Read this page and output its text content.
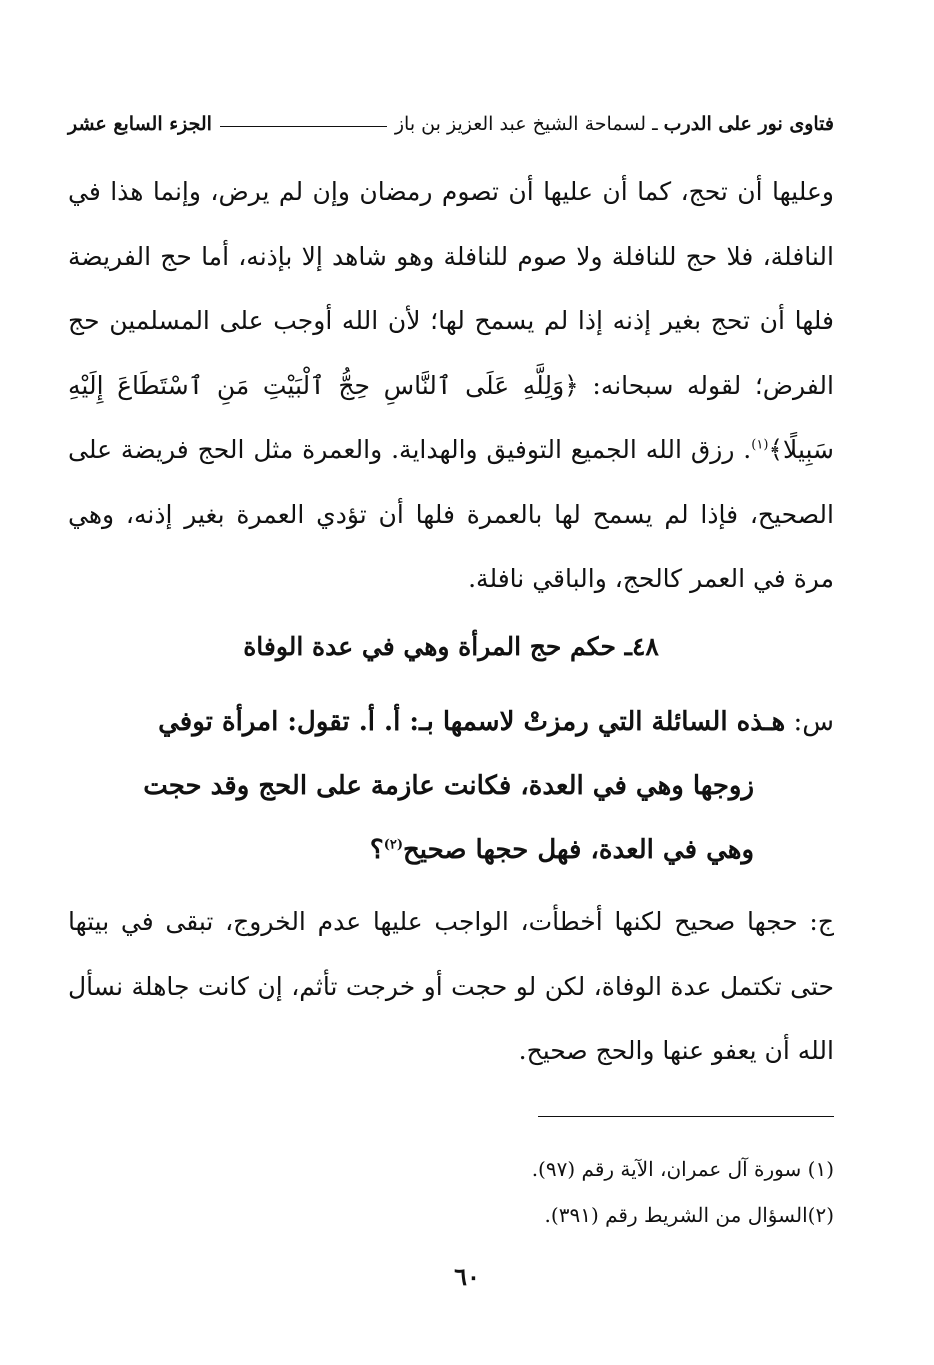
فتاوى نور على الدرب
ـ
لسماحة الشيخ عبد العزيز بن باز
الجزء السابع عشر
وعليها أن تحج، كما أن عليها أن تصوم رمضان وإن لم يرض، وإنما هذا في النافلة، فلا حج للنافلة ولا صوم للنافلة وهو شاهد إلا بإذنه، أما حج الفريضة فلها أن تحج بغير إذنه إذا لم يسمح لها؛ لأن الله أوجب على المسلمين حج الفرض؛ لقوله سبحانه: ﴿وَلِلَّهِ عَلَى ٱلنَّاسِ حِجُّ ٱلْبَيْتِ مَنِ ٱسْتَطَاعَ إِلَيْهِ سَبِيلًا﴾$^{(١)}$. رزق الله الجميع التوفيق والهداية. والعمرة مثل الحج فريضة على الصحيح، فإذا لم يسمح لها بالعمرة فلها أن تؤدي العمرة بغير إذنه، وهي مرة في العمر كالحج، والباقي نافلة.
٤٨ـ حكم حج المرأة وهي في عدة الوفاة
س: هـذه السائلة التي رمزتْ لاسمها بـ: أ. أ. تقول: امرأة توفي
زوجها وهي في العدة، فكانت عازمة على الحج وقد حجت
وهي في العدة، فهل حجها صحيح$^{(٢)}$؟
ج: حجها صحيح لكنها أخطأت، الواجب عليها عدم الخروج، تبقى في بيتها حتى تكتمل عدة الوفاة، لكن لو حجت أو خرجت تأثم، إن كانت جاهلة نسأل الله أن يعفو عنها والحج صحيح.
(١) سورة آل عمران، الآية رقم (٩٧).
(٢)السؤال من الشريط رقم (٣٩١).
٦٠
